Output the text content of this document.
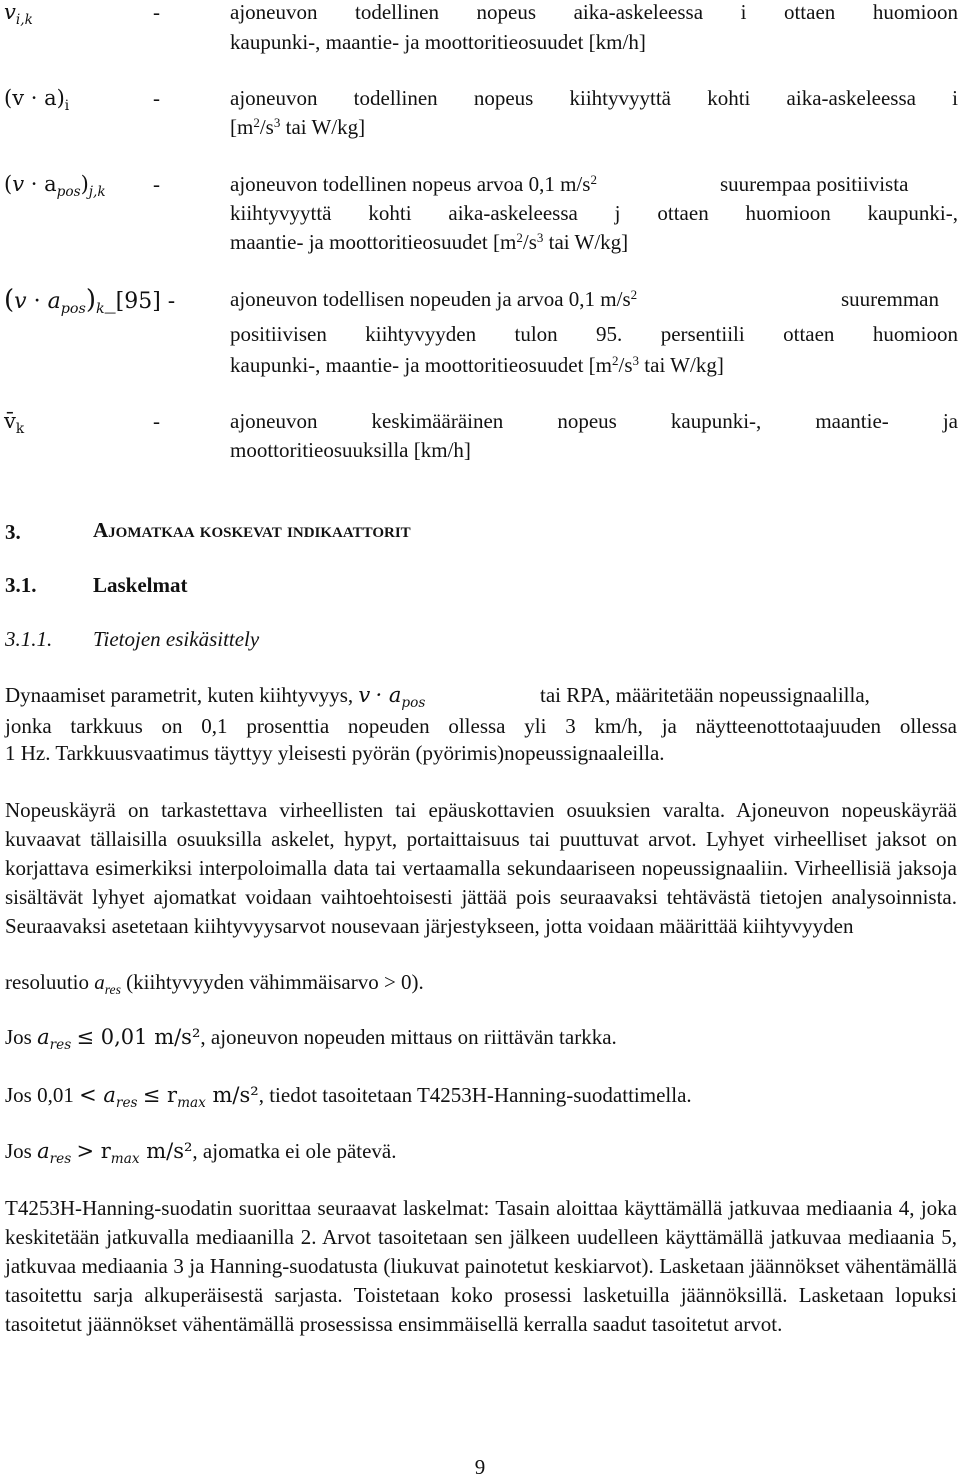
$v_{i,k}$	-	ajoneuvon todellinen nopeus aika-askeleessa i ottaen huomioon
kaupunki-, maantie- ja moottoritieosuudet [km/h]
$(v \cdot a)_i$	-	ajoneuvon todellinen nopeus kiihtyvyyttä kohti aika-askeleessa i
[$m^2/s^3$ tai W/kg]
$(v \cdot a_{pos})_{j,k}$ -	ajoneuvon todellinen nopeus arvoa 0,1 $m/s^2$	suurempaa positiivista
kiihtyvyyttä kohti aika-askeleessa j ottaen huomioon kaupunki-,
maantie- ja moottoritieosuudet [$m^2/s^3$ tai W/kg]
$(v \cdot a_{pos})_k\_[95]$ -	ajoneuvon todellisen nopeuden ja arvoa 0,1 $m/s^2$	suuremman
positiivisen kiihtyvyyden tulon 95. persentiili ottaen huomioon
kaupunki-, maantie- ja moottoritieosuudet [$m^2/s^3$ tai W/kg]
$v̄_k$	-	ajoneuvon keskimääräinen nopeus kaupunki-, maantie- ja
moottoritieosuuksilla [km/h]
3.	Ajomatkaa koskevat indikaattorit
3.1.	Laskelmat
3.1.1. Tietojen esikäsittely
Dynaamiset parametrit, kuten kiihtyvyys, $v \cdot a_{pos}$	tai RPA, määritetään nopeussignaalilla,
jonka tarkkuus on 0,1 prosenttia nopeuden ollessa yli 3 km/h, ja näytteenottotaajuuden ollessa
1 Hz. Tarkkuusvaatimus täyttyy yleisesti pyörän (pyörimis)nopeussignaaleilla.
Nopeuskäyrä on tarkastettava virheellisten tai epäuskottavien osuuksien varalta. Ajoneuvon nopeuskäyrää kuvaavat tällaisilla osuuksilla askelet, hypyt, portaittaisuus tai puuttuvat arvot. Lyhyet virheelliset jaksot on korjattava esimerkiksi interpoloimalla data tai vertaamalla sekundaariseen nopeussignaaliin. Virheellisiä jaksoja sisältävät lyhyet ajomatkat voidaan vaihtoehtoisesti jättää pois seuraavaksi tehtävästä tietojen analysoinnista. Seuraavaksi asetetaan kiihtyvyysarvot nousevaan järjestykseen, jotta voidaan määrittää kiihtyvyyden
resoluutio $a_{res}$ (kiihtyvyyden vähimmäisarvo > 0).
Jos $a_{res} \le 0,01$ m/s², ajoneuvon nopeuden mittaus on riittävän tarkka.
Jos $0,01 < a_{res} \le r_{max}$ m/s², tiedot tasoitetaan T4253H-Hanning-suodattimella.
Jos $a_{res} > r_{max}$ m/s², ajomatka ei ole pätevä.
T4253H-Hanning-suodatin suorittaa seuraavat laskelmat: Tasain aloittaa käyttämällä jatkuvaa mediaania 4, joka keskitetään jatkuvalla mediaanilla 2. Arvot tasoitetaan sen jälkeen uudelleen käyttämällä jatkuvaa mediaania 5, jatkuvaa mediaania 3 ja Hanning-suodatusta (liukuvat painotetut keskiarvot). Lasketaan jäännökset vähentämällä tasoitettu sarja alkuperäisestä sarjasta. Toistetaan koko prosessi lasketuilla jäännöksillä. Lasketaan lopuksi tasoitetut jäännökset vähentämällä prosessissa ensimmäisellä kerralla saadut tasoitetut arvot.
9
